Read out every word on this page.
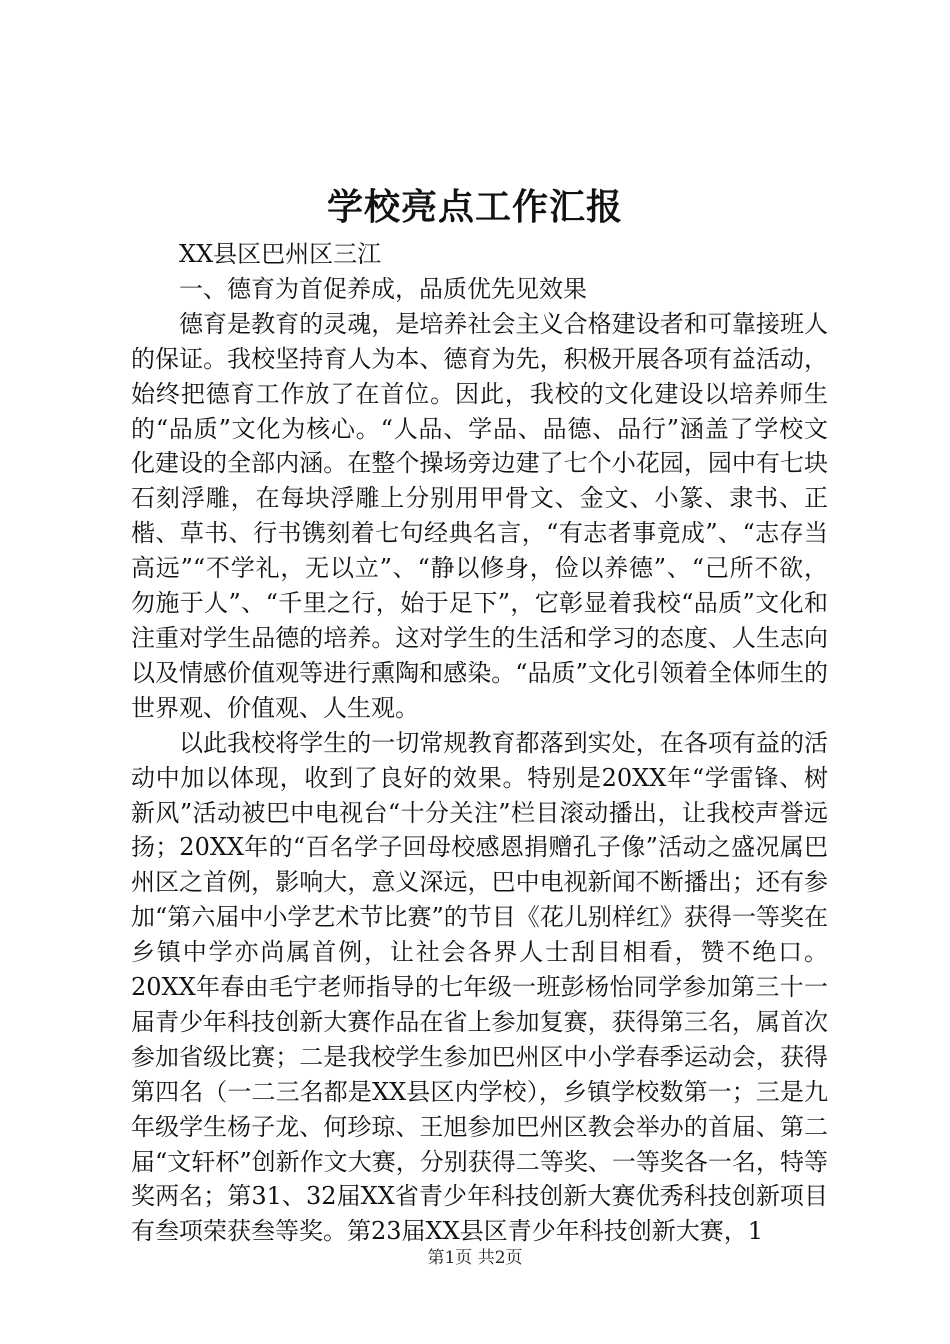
学校亮点工作汇报

XX县区巴州区三江

一、德育为首促养成，品质优先见效果

德育是教育的灵魂，是培养社会主义合格建设者和可靠接班人的保证。我校坚持育人为本、德育为先，积极开展各项有益活动，始终把德育工作放了在首位。因此，我校的文化建设以培养师生的“品质”文化为核心。“人品、学品、品德、品行”涵盖了学校文化建设的全部内涵。在整个操场旁边建了七个小花园，园中有七块石刻浮雕，在每块浮雕上分别用甲骨文、金文、小篆、隶书、正楷、草书、行书镌刻着七句经典名言，“有志者事竟成”、“志存当高远”“不学礼，无以立”、“静以修身，俭以养德”、“己所不欲，勿施于人”、“千里之行，始于足下”，它彰显着我校“品质”文化和注重对学生品德的培养。这对学生的生活和学习的态度、人生志向以及情感价值观等进行熏陶和感染。“品质”文化引领着全体师生的世界观、价值观、人生观。

以此我校将学生的一切常规教育都落到实处，在各项有益的活动中加以体现，收到了良好的效果。特别是20XX年“学雷锋、树新风”活动被巴中电视台“十分关注”栏目滚动播出，让我校声誉远扬；20XX年的“百名学子回母校感恩捐赠孔子像”活动之盛况属巴州区之首例，影响大，意义深远，巴中电视新闻不断播出；还有参加“第六届中小学艺术节比赛”的节目《花儿别样红》获得一等奖在乡镇中学亦尚属首例，让社会各界人士刮目相看，赞不绝口。20XX年春由毛宁老师指导的七年级一班彭杨怡同学参加第三十一届青少年科技创新大赛作品在省上参加复赛，获得第三名，属首次参加省级比赛；二是我校学生参加巴州区中小学春季运动会，获得第四名（一二三名都是XX县区内学校），乡镇学校数第一；三是九年级学生杨子龙、何珍琼、王旭参加巴州区教会举办的首届、第二届“文轩杯”创新作文大赛，分别获得二等奖、一等奖各一名，特等奖两名；第31、32届XX省青少年科技创新大赛优秀科技创新项目有叁项荣获叁等奖。第23届XX县区青少年科技创新大赛，1

第1页 共2页
